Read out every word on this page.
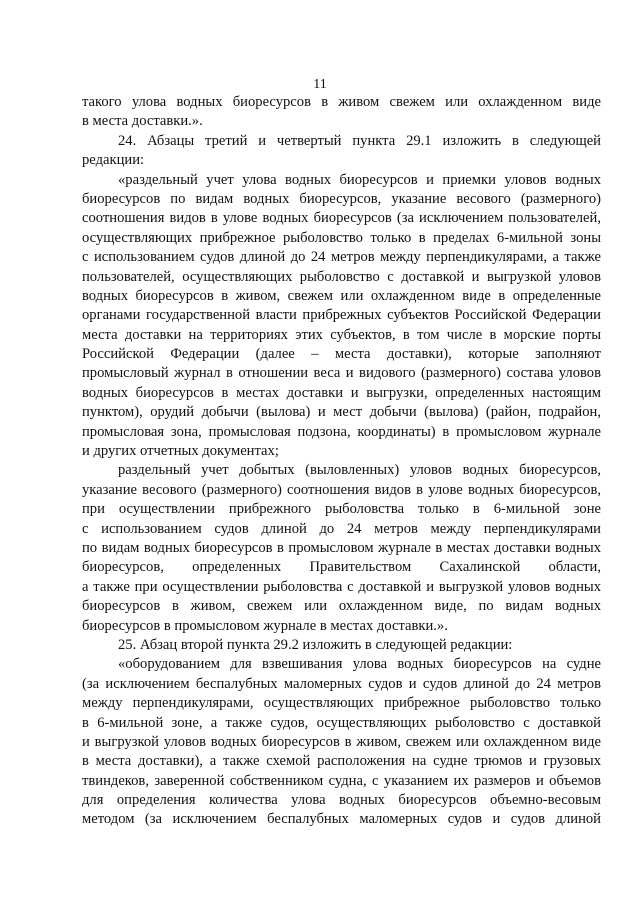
11
такого улова водных биоресурсов в живом свежем или охлажденном виде
в места доставки.».
24. Абзацы третий и четвертый пункта 29.1 изложить в следующей
редакции:
«раздельный учет улова водных биоресурсов и приемки уловов водных
биоресурсов по видам водных биоресурсов, указание весового (размерного)
соотношения видов в улове водных биоресурсов (за исключением пользователей,
осуществляющих прибрежное рыболовство только в пределах 6-мильной зоны
с использованием судов длиной до 24 метров между перпендикулярами, а также
пользователей, осуществляющих рыболовство с доставкой и выгрузкой уловов
водных биоресурсов в живом, свежем или охлажденном виде в определенные
органами государственной власти прибрежных субъектов Российской Федерации
места доставки на территориях этих субъектов, в том числе в морские порты
Российской Федерации (далее – места доставки), которые заполняют
промысловый журнал в отношении веса и видового (размерного) состава уловов
водных биоресурсов в местах доставки и выгрузки, определенных настоящим
пунктом), орудий добычи (вылова) и мест добычи (вылова) (район, подрайон,
промысловая зона, промысловая подзона, координаты) в промысловом журнале
и других отчетных документах;
раздельный учет добытых (выловленных) уловов водных биоресурсов,
указание весового (размерного) соотношения видов в улове водных биоресурсов,
при осуществлении прибрежного рыболовства только в 6-мильной зоне
с использованием судов длиной до 24 метров между перпендикулярами
по видам водных биоресурсов в промысловом журнале в местах доставки водных
биоресурсов, определенных Правительством Сахалинской области,
а также при осуществлении рыболовства с доставкой и выгрузкой уловов водных
биоресурсов в живом, свежем или охлажденном виде, по видам водных
биоресурсов в промысловом журнале в местах доставки.».
25. Абзац второй пункта 29.2 изложить в следующей редакции:
«оборудованием для взвешивания улова водных биоресурсов на судне
(за исключением беспалубных маломерных судов и судов длиной до 24 метров
между перпендикулярами, осуществляющих прибрежное рыболовство только
в 6-мильной зоне, а также судов, осуществляющих рыболовство с доставкой
и выгрузкой уловов водных биоресурсов в живом, свежем или охлажденном виде
в места доставки), а также схемой расположения на судне трюмов и грузовых
твиндеков, заверенной собственником судна, с указанием их размеров и объемов
для определения количества улова водных биоресурсов объемно-весовым
методом (за исключением беспалубных маломерных судов и судов длиной
